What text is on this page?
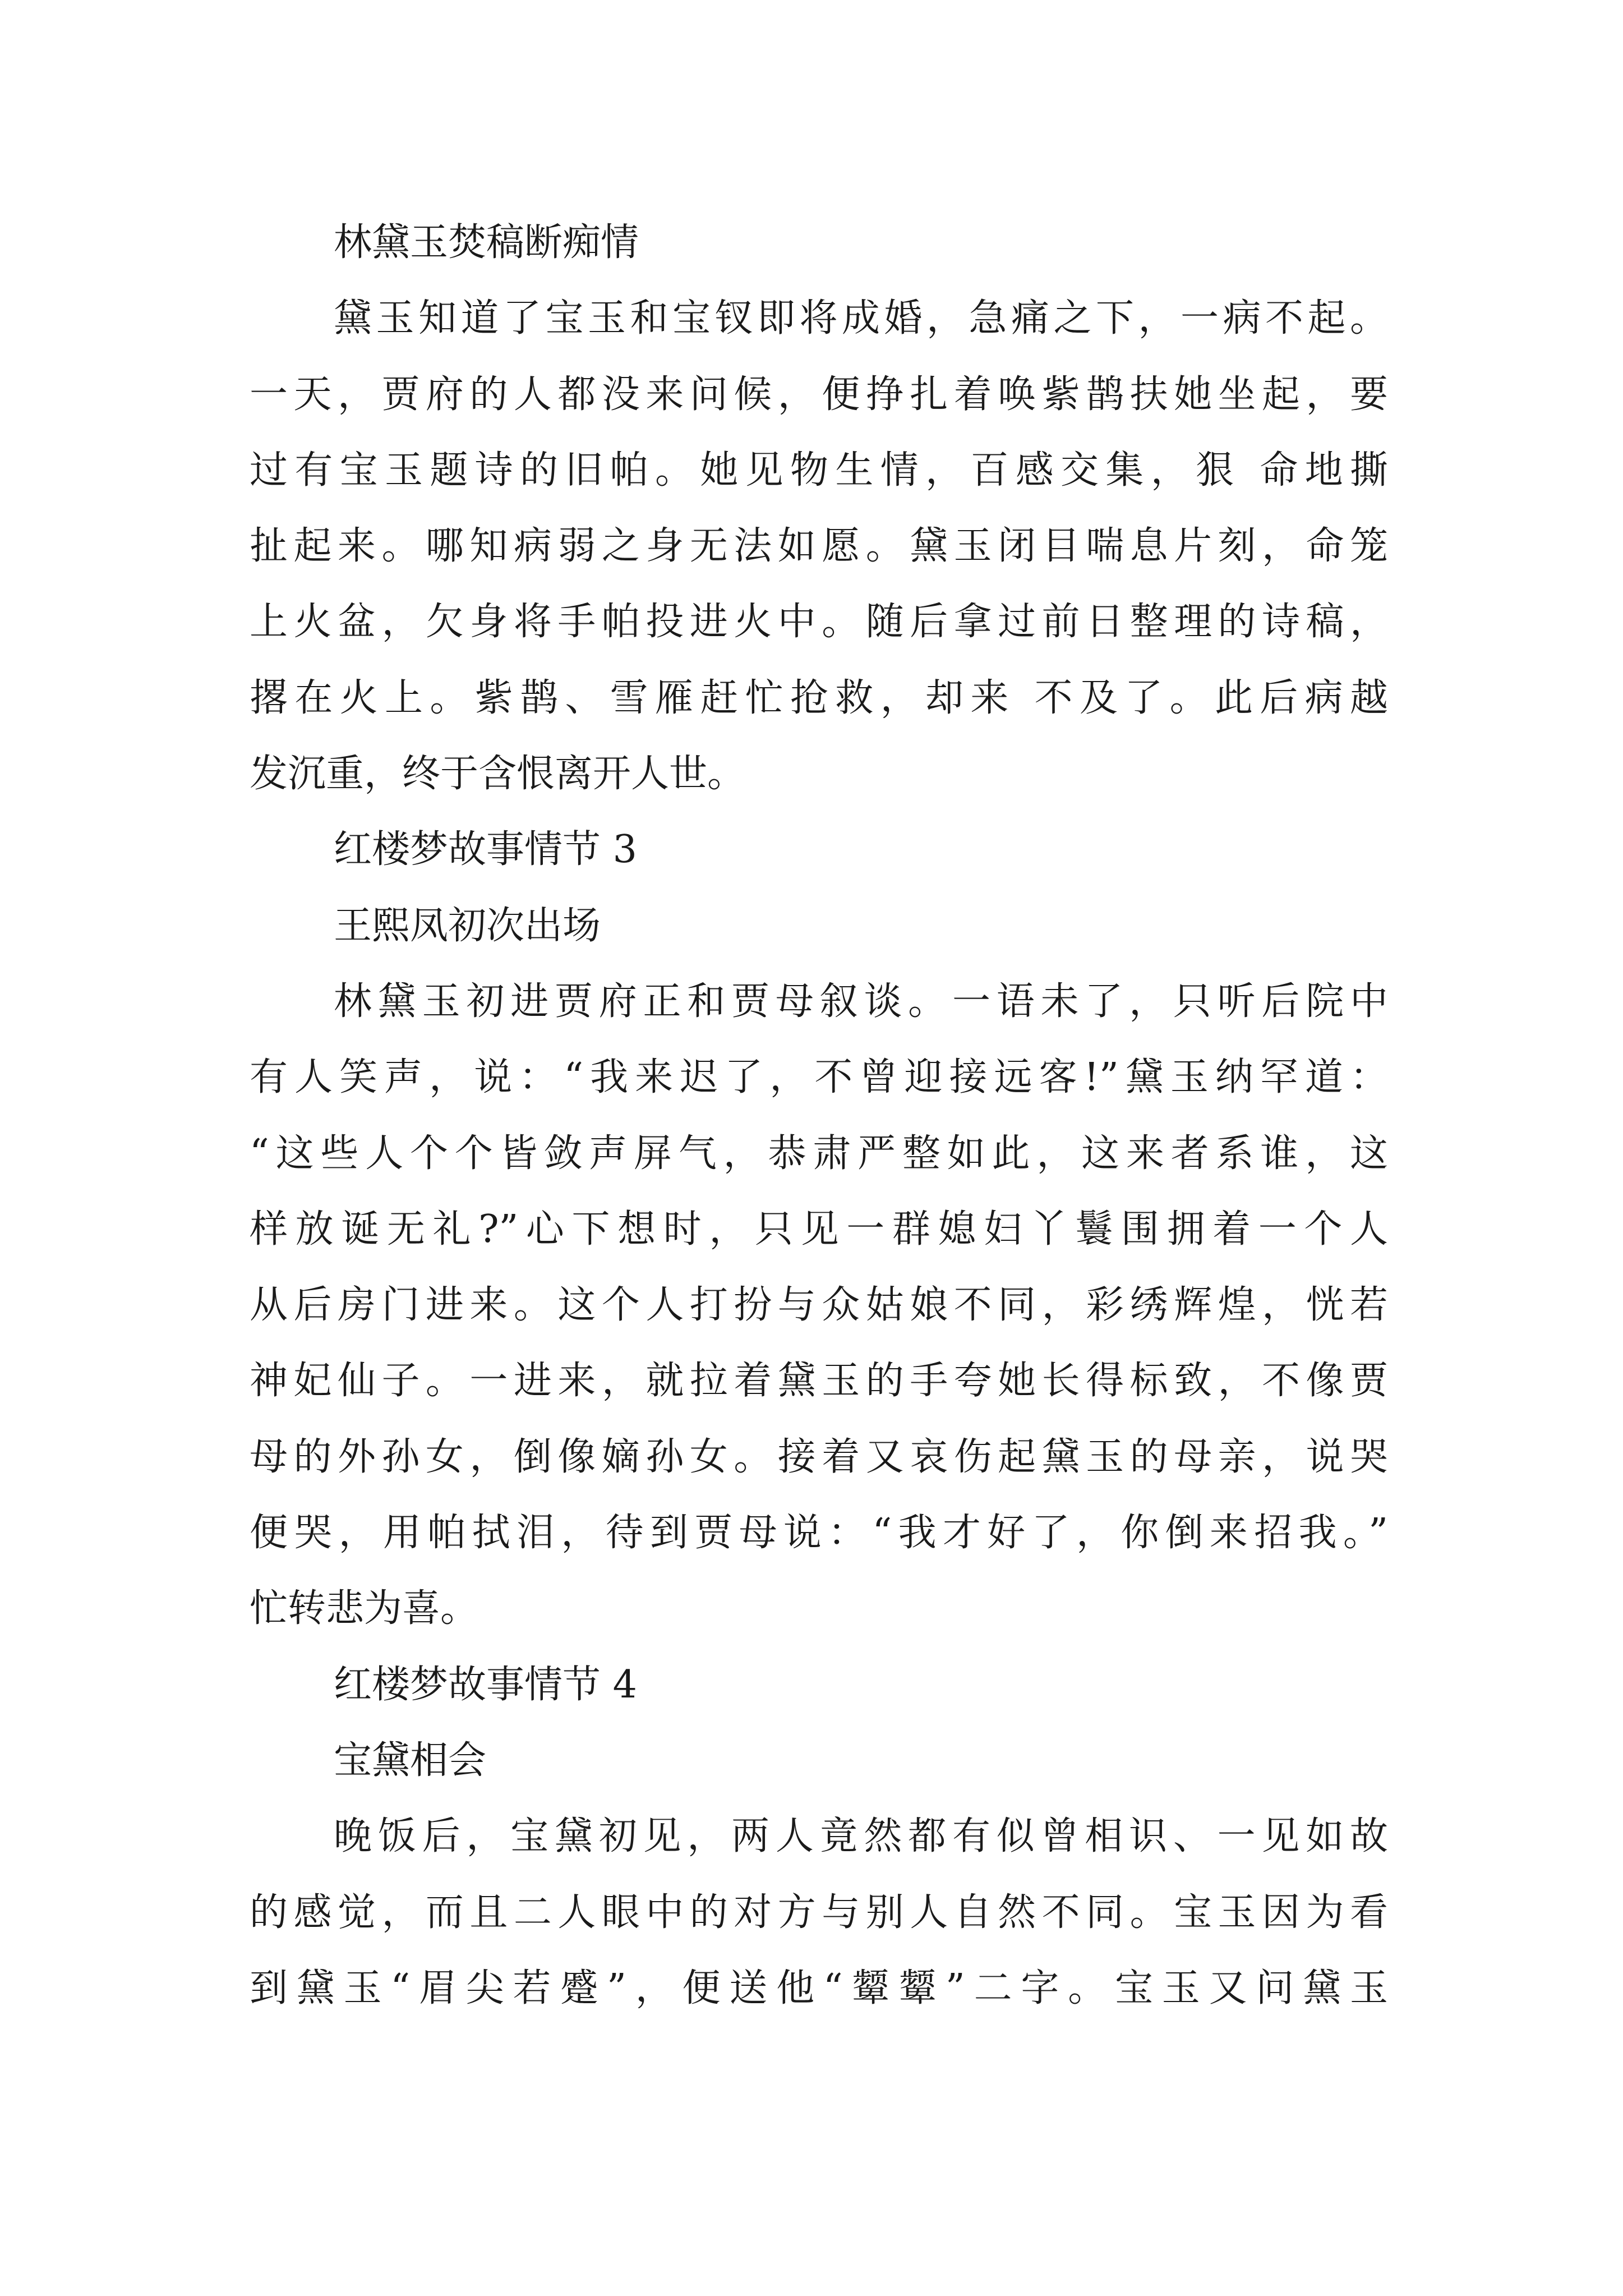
林黛玉焚稿断痴情
黛玉知道了宝玉和宝钗即将成婚，急痛之下，一病不起。
一天，贾府的人都没来问候，便挣扎着唤紫鹊扶她坐起，要
过有宝玉题诗的旧帕。她见物生情，百感交集，狠 命地撕
扯起来。哪知病弱之身无法如愿。黛玉闭目喘息片刻，命笼
上火盆，欠身将手帕投进火中。随后拿过前日整理的诗稿，
撂在火上。紫鹊、雪雁赶忙抢救，却来 不及了。此后病越
发沉重，终于含恨离开人世。
红楼梦故事情节 3
王熙凤初次出场
林黛玉初进贾府正和贾母叙谈。一语未了，只听后院中
有人笑声，说：“我来迟了，不曾迎接远客!”黛玉纳罕道：
“这些人个个皆敛声屏气，恭肃严整如此，这来者系谁，这
样放诞无礼?”心下想时，只见一群媳妇丫鬟围拥着一个人
从后房门进来。这个人打扮与众姑娘不同，彩绣辉煌，恍若
神妃仙子。一进来，就拉着黛玉的手夸她长得标致，不像贾
母的外孙女，倒像嫡孙女。接着又哀伤起黛玉的母亲，说哭
便哭，用帕拭泪，待到贾母说：“我才好了，你倒来招我。”
忙转悲为喜。
红楼梦故事情节 4
宝黛相会
晚饭后，宝黛初见，两人竟然都有似曾相识、一见如故
的感觉，而且二人眼中的对方与别人自然不同。宝玉因为看
到黛玉“眉尖若蹙”，便送他“颦颦”二字。宝玉又问黛玉
